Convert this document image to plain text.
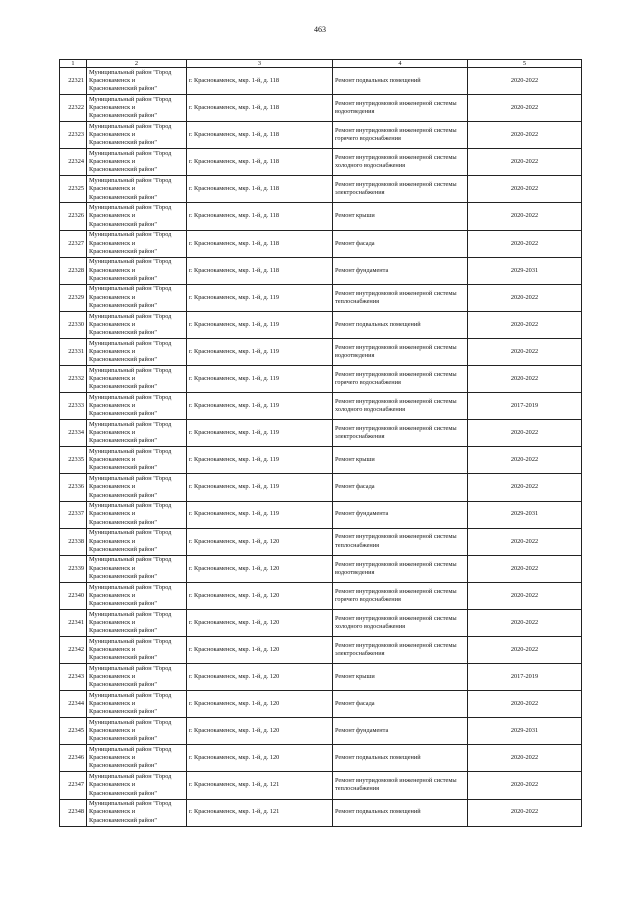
463
1	2	3	4	5
22321	Муниципальный район "Город Краснокаменск и Краснокаменский район"	г. Краснокаменск, мкр. 1-й, д. 118	Ремонт подвальных помещений	2020-2022
22322	Муниципальный район "Город Краснокаменск и Краснокаменский район"	г. Краснокаменск, мкр. 1-й, д. 118	Ремонт внутридомовой инженерной системы водоотведения	2020-2022
22323	Муниципальный район "Город Краснокаменск и Краснокаменский район"	г. Краснокаменск, мкр. 1-й, д. 118	Ремонт внутридомовой инженерной системы горячего водоснабжения	2020-2022
22324	Муниципальный район "Город Краснокаменск и Краснокаменский район"	г. Краснокаменск, мкр. 1-й, д. 118	Ремонт внутридомовой инженерной системы холодного водоснабжения	2020-2022
22325	Муниципальный район "Город Краснокаменск и Краснокаменский район"	г. Краснокаменск, мкр. 1-й, д. 118	Ремонт внутридомовой инженерной системы электроснабжения	2020-2022
22326	Муниципальный район "Город Краснокаменск и Краснокаменский район"	г. Краснокаменск, мкр. 1-й, д. 118	Ремонт крыши	2020-2022
22327	Муниципальный район "Город Краснокаменск и Краснокаменский район"	г. Краснокаменск, мкр. 1-й, д. 118	Ремонт фасада	2020-2022
22328	Муниципальный район "Город Краснокаменск и Краснокаменский район"	г. Краснокаменск, мкр. 1-й, д. 118	Ремонт фундамента	2029-2031
22329	Муниципальный район "Город Краснокаменск и Краснокаменский район"	г. Краснокаменск, мкр. 1-й, д. 119	Ремонт внутридомовой инженерной системы теплоснабжения	2020-2022
22330	Муниципальный район "Город Краснокаменск и Краснокаменский район"	г. Краснокаменск, мкр. 1-й, д. 119	Ремонт подвальных помещений	2020-2022
22331	Муниципальный район "Город Краснокаменск и Краснокаменский район"	г. Краснокаменск, мкр. 1-й, д. 119	Ремонт внутридомовой инженерной системы водоотведения	2020-2022
22332	Муниципальный район "Город Краснокаменск и Краснокаменский район"	г. Краснокаменск, мкр. 1-й, д. 119	Ремонт внутридомовой инженерной системы горячего водоснабжения	2020-2022
22333	Муниципальный район "Город Краснокаменск и Краснокаменский район"	г. Краснокаменск, мкр. 1-й, д. 119	Ремонт внутридомовой инженерной системы холодного водоснабжения	2017-2019
22334	Муниципальный район "Город Краснокаменск и Краснокаменский район"	г. Краснокаменск, мкр. 1-й, д. 119	Ремонт внутридомовой инженерной системы электроснабжения	2020-2022
22335	Муниципальный район "Город Краснокаменск и Краснокаменский район"	г. Краснокаменск, мкр. 1-й, д. 119	Ремонт крыши	2020-2022
22336	Муниципальный район "Город Краснокаменск и Краснокаменский район"	г. Краснокаменск, мкр. 1-й, д. 119	Ремонт фасада	2020-2022
22337	Муниципальный район "Город Краснокаменск и Краснокаменский район"	г. Краснокаменск, мкр. 1-й, д. 119	Ремонт фундамента	2029-2031
22338	Муниципальный район "Город Краснокаменск и Краснокаменский район"	г. Краснокаменск, мкр. 1-й, д. 120	Ремонт внутридомовой инженерной системы теплоснабжения	2020-2022
22339	Муниципальный район "Город Краснокаменск и Краснокаменский район"	г. Краснокаменск, мкр. 1-й, д. 120	Ремонт внутридомовой инженерной системы водоотведения	2020-2022
22340	Муниципальный район "Город Краснокаменск и Краснокаменский район"	г. Краснокаменск, мкр. 1-й, д. 120	Ремонт внутридомовой инженерной системы горячего водоснабжения	2020-2022
22341	Муниципальный район "Город Краснокаменск и Краснокаменский район"	г. Краснокаменск, мкр. 1-й, д. 120	Ремонт внутридомовой инженерной системы холодного водоснабжения	2020-2022
22342	Муниципальный район "Город Краснокаменск и Краснокаменский район"	г. Краснокаменск, мкр. 1-й, д. 120	Ремонт внутридомовой инженерной системы электроснабжения	2020-2022
22343	Муниципальный район "Город Краснокаменск и Краснокаменский район"	г. Краснокаменск, мкр. 1-й, д. 120	Ремонт крыши	2017-2019
22344	Муниципальный район "Город Краснокаменск и Краснокаменский район"	г. Краснокаменск, мкр. 1-й, д. 120	Ремонт фасада	2020-2022
22345	Муниципальный район "Город Краснокаменск и Краснокаменский район"	г. Краснокаменск, мкр. 1-й, д. 120	Ремонт фундамента	2029-2031
22346	Муниципальный район "Город Краснокаменск и Краснокаменский район"	г. Краснокаменск, мкр. 1-й, д. 120	Ремонт подвальных помещений	2020-2022
22347	Муниципальный район "Город Краснокаменск и Краснокаменский район"	г. Краснокаменск, мкр. 1-й, д. 121	Ремонт внутридомовой инженерной системы теплоснабжения	2020-2022
22348	Муниципальный район "Город Краснокаменск и Краснокаменский район"	г. Краснокаменск, мкр. 1-й, д. 121	Ремонт подвальных помещений	2020-2022
